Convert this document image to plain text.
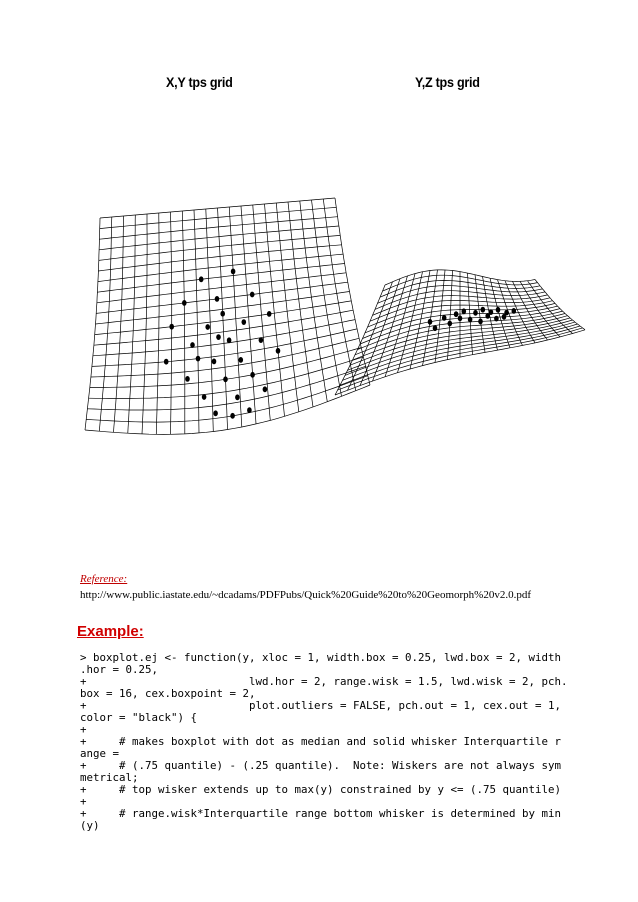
X,Y tps grid	Y,Z tps grid
Reference:
http://www.public.iastate.edu/~dcadams/PDFPubs/Quick%20Guide%20to%20Geomorph%20v2.0.pdf
Example:
> boxplot.ej <- function(y, xloc = 1, width.box = 0.25, lwd.box = 2, width
.hor = 0.25,
+                         lwd.hor = 2, range.wisk = 1.5, lwd.wisk = 2, pch.
box = 16, cex.boxpoint = 2,
+                         plot.outliers = FALSE, pch.out = 1, cex.out = 1,
color = "black") {
+
+     # makes boxplot with dot as median and solid whisker Interquartile r
ange =
+     # (.75 quantile) - (.25 quantile).  Note: Wiskers are not always sym
metrical;
+     # top wisker extends up to max(y) constrained by y <= (.75 quantile)
+
+     # range.wisk*Interquartile range bottom whisker is determined by min
(y)
